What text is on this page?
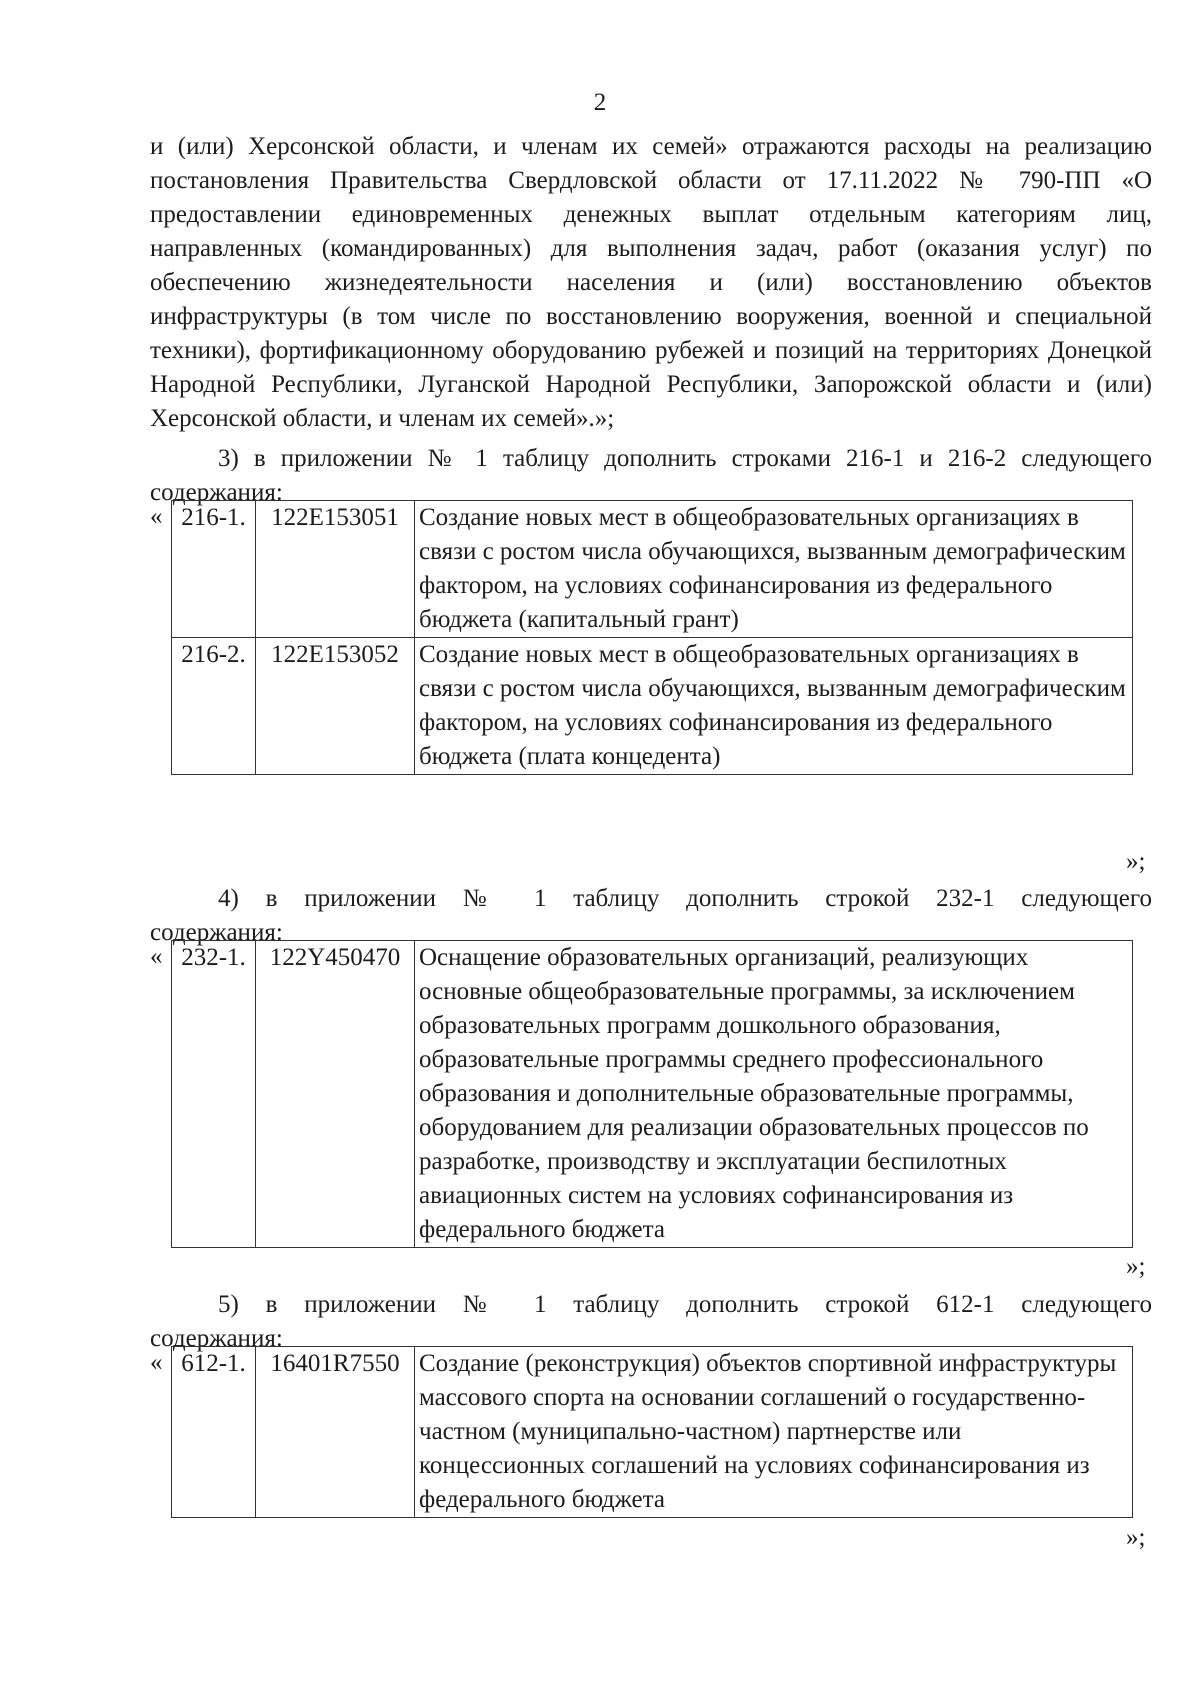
2
и (или) Херсонской области, и членам их семей» отражаются расходы на реализацию постановления Правительства Свердловской области от 17.11.2022 № 790-ПП «О предоставлении единовременных денежных выплат отдельным категориям лиц, направленных (командированных) для выполнения задач, работ (оказания услуг) по обеспечению жизнедеятельности населения и (или) восстановлению объектов инфраструктуры (в том числе по восстановлению вооружения, военной и специальной техники), фортификационному оборудованию рубежей и позиций на территориях Донецкой Народной Республики, Луганской Народной Республики, Запорожской области и (или) Херсонской области, и членам их семей».»;
3) в приложении № 1 таблицу дополнить строками 216-1 и 216-2 следующего
содержания:
« 216-1.	122E153051	Создание новых мест в общеобразовательных организациях в связи с ростом числа обучающихся, вызванным демографическим фактором, на условиях софинансирования из федерального бюджета (капитальный грант)
216-2.	122E153052	Создание новых мест в общеобразовательных организациях в связи с ростом числа обучающихся, вызванным демографическим фактором, на условиях софинансирования из федерального бюджета (плата концедента)
»;
4) в приложении № 1 таблицу дополнить строкой 232-1 следующего
содержания:
« 232-1.	122Y450470	Оснащение образовательных организаций, реализующих основные общеобразовательные программы, за исключением образовательных программ дошкольного образования, образовательные программы среднего профессионального образования и дополнительные образовательные программы, оборудованием для реализации образовательных процессов по разработке, производству и эксплуатации беспилотных авиационных систем на условиях софинансирования из федерального бюджета
»;
5) в приложении № 1 таблицу дополнить строкой 612-1 следующего
содержания:
« 612-1.	16401R7550	Создание (реконструкция) объектов спортивной инфраструктуры массового спорта на основании соглашений о государственно-частном (муниципально-частном) партнерстве или концессионных соглашений на условиях софинансирования из федерального бюджета
»;
